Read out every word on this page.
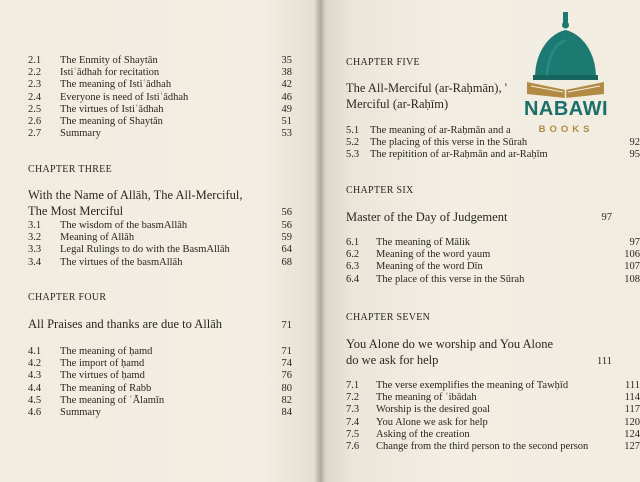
2.1 The Enmity of Shaytān	35
2.2 Istiʿādhah for recitation	38
2.3 The meaning of Istiʿādhah	42
2.4 Everyone is need of Istiʿādhah	46
2.5 The virtues of Istiʿādhah	49
2.6 The meaning of Shaytān	51
2.7 Summary	53
CHAPTER THREE
With the Name of Allāh, The All-Merciful,
The Most Merciful	56
3.1 The wisdom of the basmAllāh	56
3.2 Meaning of Allāh	59
3.3 Legal Rulings to do with the BasmAllāh	64
3.4 The virtues of the basmAllāh	68
CHAPTER FOUR
All Praises and thanks are due to Allāh	71
4.1 The meaning of ḥamd	71
4.2 The import of ḥamd	74
4.3 The virtues of ḥamd	76
4.4 The meaning of Rabb	80
4.5 The meaning of ʿĀlamīn	82
4.6 Summary	84
CHAPTER FIVE
The All-Merciful (ar-Raḥmān), '
Merciful (ar-Raḥīm)
5.1 The meaning of ar-Raḥmān and a
5.2 The placing of this verse in the Sūrah	92
5.3 The repitition of ar-Raḥmān and ar-Raḥīm	95
CHAPTER SIX
Master of the Day of Judgement	97
6.1 The meaning of Mālik	97
6.2 Meaning of the word yaum	106
6.3 Meaning of the word Dīn	107
6.4 The place of this verse in the Sūrah	108
CHAPTER SEVEN
You Alone do we worship and You Alone
do we ask for help	111
7.1 The verse exemplifies the meaning of Tawḥīd	111
7.2 The meaning of ʿibādah	114
7.3 Worship is the desired goal	117
7.4 You Alone we ask for help	120
7.5 Asking of the creation	124
7.6 Change from the third person to the second person	127
NABAWI
BOOKS
